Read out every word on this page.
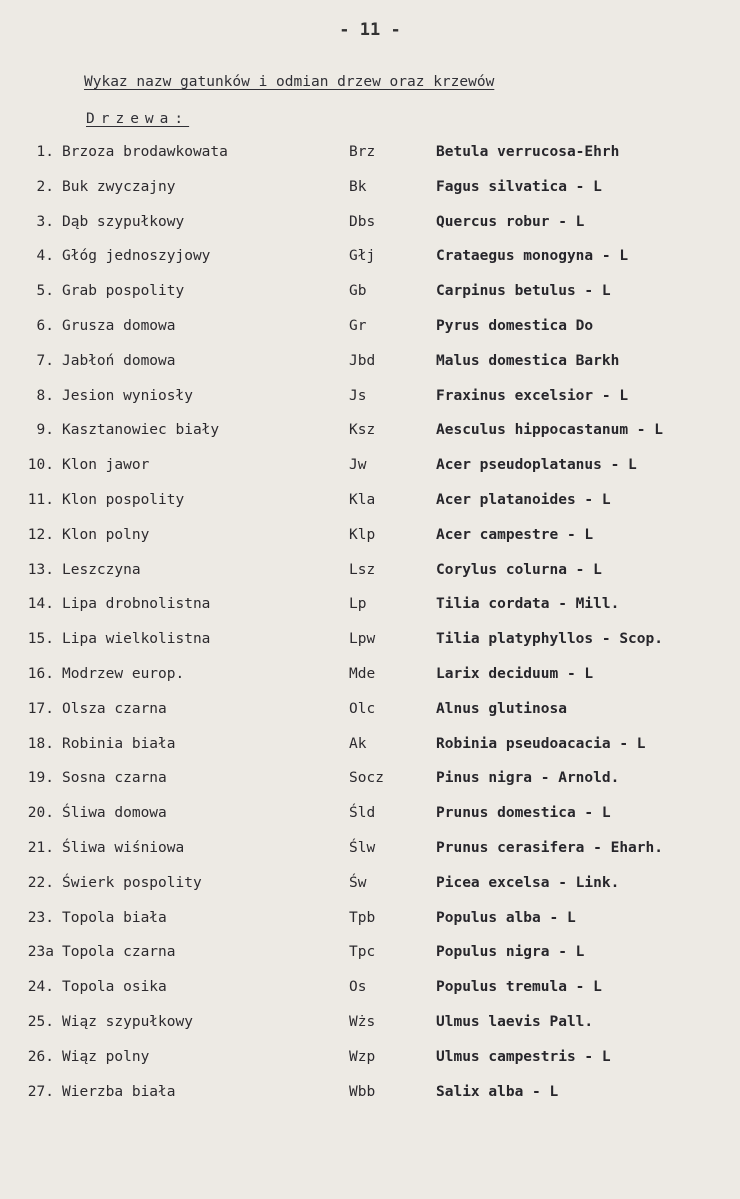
- 11 -
Wykaz nazw gatunków i odmian drzew oraz krzewów
Drzewa:
1. Brzoza brodawkowata	Brz	Betula verrucosa-Ehrh
2. Buk zwyczajny	Bk	Fagus silvatica - L
3. Dąb szypułkowy	Dbs	Quercus robur - L
4. Głóg jednoszyjowy	Głj	Crataegus monogyna - L
5. Grab pospolity	Gb	Carpinus betulus - L
6. Grusza domowa	Gr	Pyrus domestica Do
7. Jabłoń domowa	Jbd	Malus domestica Barkh
8. Jesion wyniosły	Js	Fraxinus excelsior - L
9. Kasztanowiec biały	Ksz	Aesculus hippocastanum - L
10. Klon jawor	Jw	Acer pseudoplatanus - L
11. Klon pospolity	Kla	Acer platanoides - L
12. Klon polny	Klp	Acer campestre - L
13. Leszczyna	Lsz	Corylus colurna - L
14. Lipa drobnolistna	Lp	Tilia cordata - Mill.
15. Lipa wielkolistna	Lpw	Tilia platyphyllos - Scop.
16. Modrzew europ.	Mde	Larix deciduum - L
17. Olsza czarna	Olc	Alnus glutinosa
18. Robinia biała	Ak	Robinia pseudoacacia - L
19. Sosna czarna	Socz	Pinus nigra - Arnold.
20. Śliwa domowa	Śld	Prunus domestica - L
21. Śliwa wiśniowa	Ślw	Prunus cerasifera - Eharh.
22. Świerk pospolity	Św	Picea excelsa - Link.
23. Topola biała	Tpb	Populus alba - L
23a Topola czarna	Tpc	Populus nigra - L
24. Topola osika	Os	Populus tremula - L
25. Wiąz szypułkowy	Wżs	Ulmus laevis Pall.
26. Wiąz polny	Wzp	Ulmus campestris - L
27. Wierzba biała	Wbb	Salix alba - L
